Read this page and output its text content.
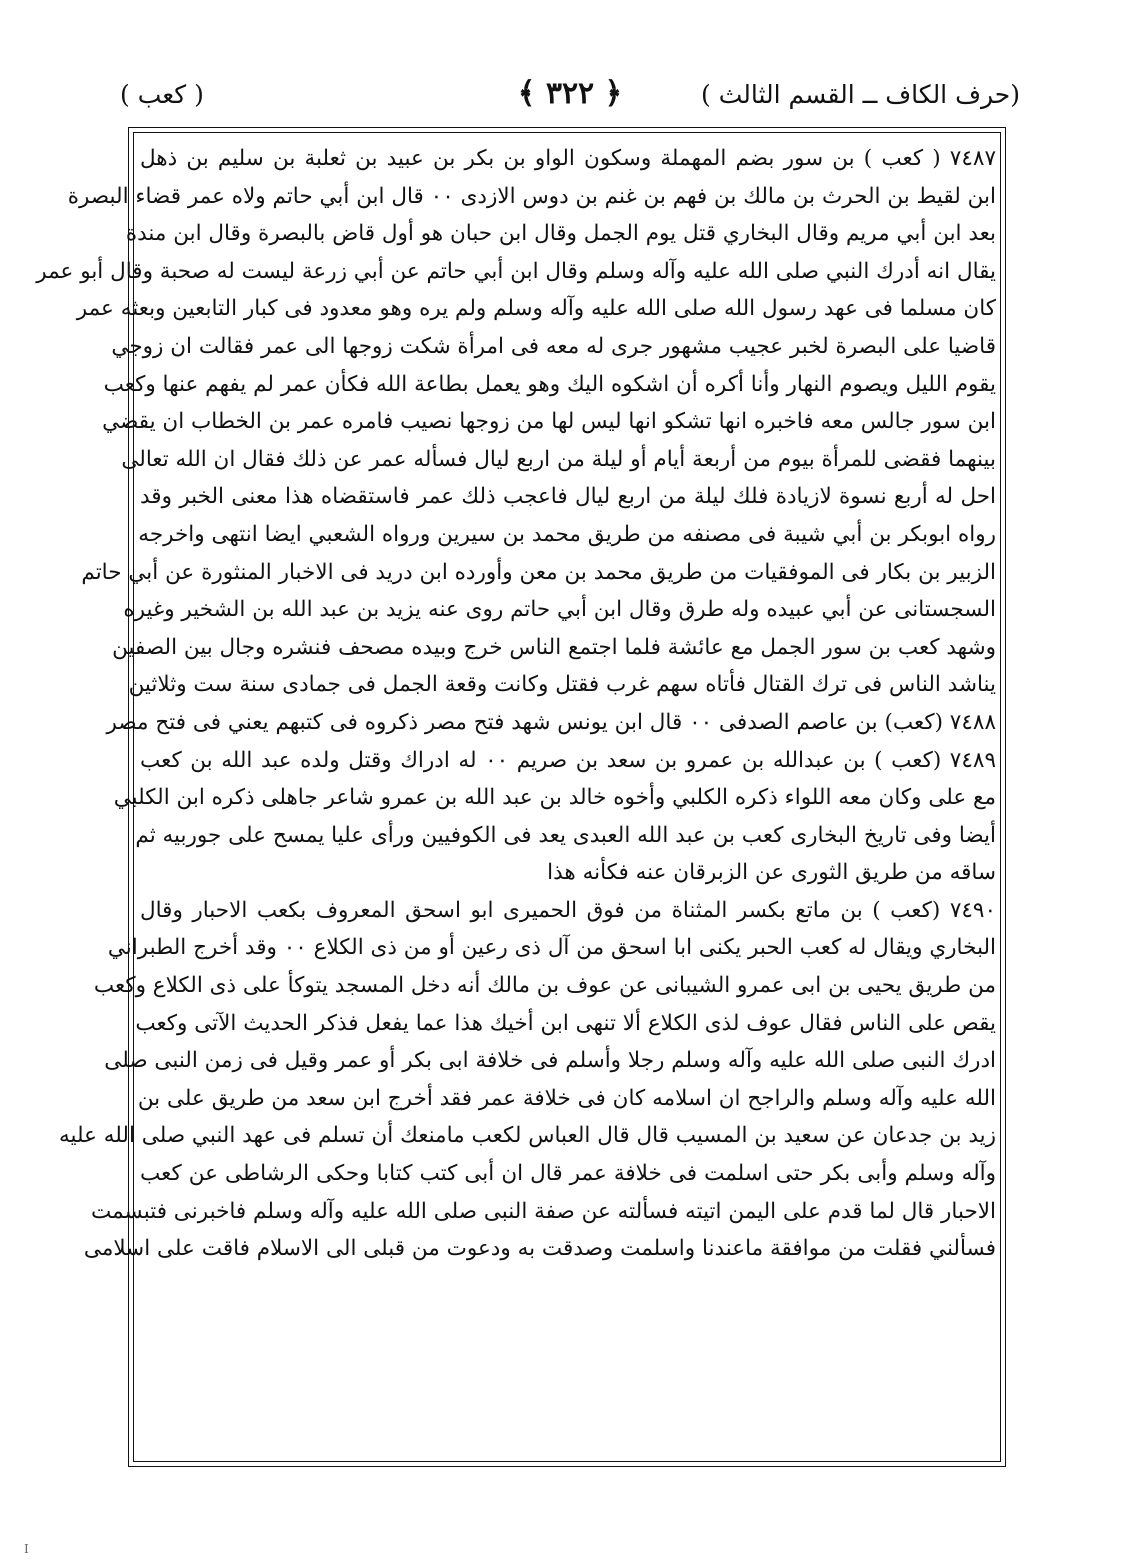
(حرف الكاف ــ القسم الثالث )
﴿ ٣٢٢ ﴾
( كعب )
٧٤٨٧ ( كعب ) بن سور بضم المهملة وسكون الواو بن بكر بن عبيد بن ثعلبة بن سليم بن ذهل
ابن لقيط بن الحرث بن مالك بن فهم بن غنم بن دوس الازدى ٠٠ قال ابن أبي حاتم ولاه عمر قضاء البصرة
بعد ابن أبي مريم وقال البخاري قتل يوم الجمل وقال ابن حبان هو أول قاض بالبصرة وقال ابن مندة
يقال انه أدرك النبي صلى الله عليه وآله وسلم وقال ابن أبي حاتم عن أبي زرعة ليست له صحبة وقال أبو عمر
كان مسلما فى عهد رسول الله صلى الله عليه وآله وسلم ولم يره وهو معدود فى كبار التابعين وبعثه عمر
قاضيا على البصرة لخبر عجيب مشهور جرى له معه فى امرأة شكت زوجها الى عمر فقالت ان زوجي
يقوم الليل ويصوم النهار وأنا أكره أن اشكوه اليك وهو يعمل بطاعة الله فكأن عمر لم يفهم عنها وكعب
ابن سور جالس معه فاخبره انها تشكو انها ليس لها من زوجها نصيب فامره عمر بن الخطاب ان يقضي
بينهما فقضى للمرأة بيوم من أربعة أيام أو ليلة من اربع ليال فسأله عمر عن ذلك فقال ان الله تعالى
احل له أربع نسوة لازيادة فلك ليلة من اربع ليال فاعجب ذلك عمر فاستقضاه هذا معنى الخبر وقد
رواه ابوبكر بن أبي شيبة فى مصنفه من طريق محمد بن سيرين ورواه الشعبي ايضا انتهى واخرجه
الزبير بن بكار فى الموفقيات من طريق محمد بن معن وأورده ابن دريد فى الاخبار المنثورة عن أبي حاتم
السجستانى عن أبي عبيده وله طرق وقال ابن أبي حاتم روى عنه يزيد بن عبد الله بن الشخير وغيره
وشهد كعب بن سور الجمل مع عائشة فلما اجتمع الناس خرج وبيده مصحف فنشره وجال بين الصفين
يناشد الناس فى ترك القتال فأتاه سهم غرب فقتل وكانت وقعة الجمل فى جمادى سنة ست وثلاثين
٧٤٨٨ (كعب) بن عاصم الصدفى ٠٠ قال ابن يونس شهد فتح مصر ذكروه فى كتبهم يعني فى فتح مصر
٧٤٨٩ (كعب ) بن عبدالله بن عمرو بن سعد بن صريم ٠٠ له ادراك وقتل ولده عبد الله بن كعب
مع على وكان معه اللواء ذكره الكلبي وأخوه خالد بن عبد الله بن عمرو شاعر جاهلى ذكره ابن الكلبي
أيضا وفى تاريخ البخارى كعب بن عبد الله العبدى يعد فى الكوفيين ورأى عليا يمسح على جوربيه ثم
ساقه من طريق الثورى عن الزبرقان عنه فكأنه هذا
٧٤٩٠ (كعب ) بن ماتع بكسر المثناة من فوق الحميرى ابو اسحق المعروف بكعب الاحبار وقال
البخاري ويقال له كعب الحبر يكنى ابا اسحق من آل ذى رعين أو من ذى الكلاع ٠٠ وقد أخرج الطبراني
من طريق يحيى بن ابى عمرو الشيبانى عن عوف بن مالك أنه دخل المسجد يتوكأ على ذى الكلاع وكعب
يقص على الناس فقال عوف لذى الكلاع ألا تنهى ابن أخيك هذا عما يفعل فذكر الحديث الآتى وكعب
ادرك النبى صلى الله عليه وآله وسلم رجلا وأسلم فى خلافة ابى بكر أو عمر وقيل فى زمن النبى صلى
الله عليه وآله وسلم والراجح ان اسلامه كان فى خلافة عمر فقد أخرج ابن سعد من طريق على بن
زيد بن جدعان عن سعيد بن المسيب قال قال العباس لكعب مامنعك أن تسلم فى عهد النبي صلى الله عليه
وآله وسلم وأبى بكر حتى اسلمت فى خلافة عمر قال ان أبى كتب كتابا وحكى الرشاطى عن كعب
الاحبار قال لما قدم على اليمن اتيته فسألته عن صفة النبى صلى الله عليه وآله وسلم فاخبرنى فتبسمت
فسألني فقلت من موافقة ماعندنا واسلمت وصدقت به ودعوت من قبلى الى الاسلام فاقت على اسلامى
I
